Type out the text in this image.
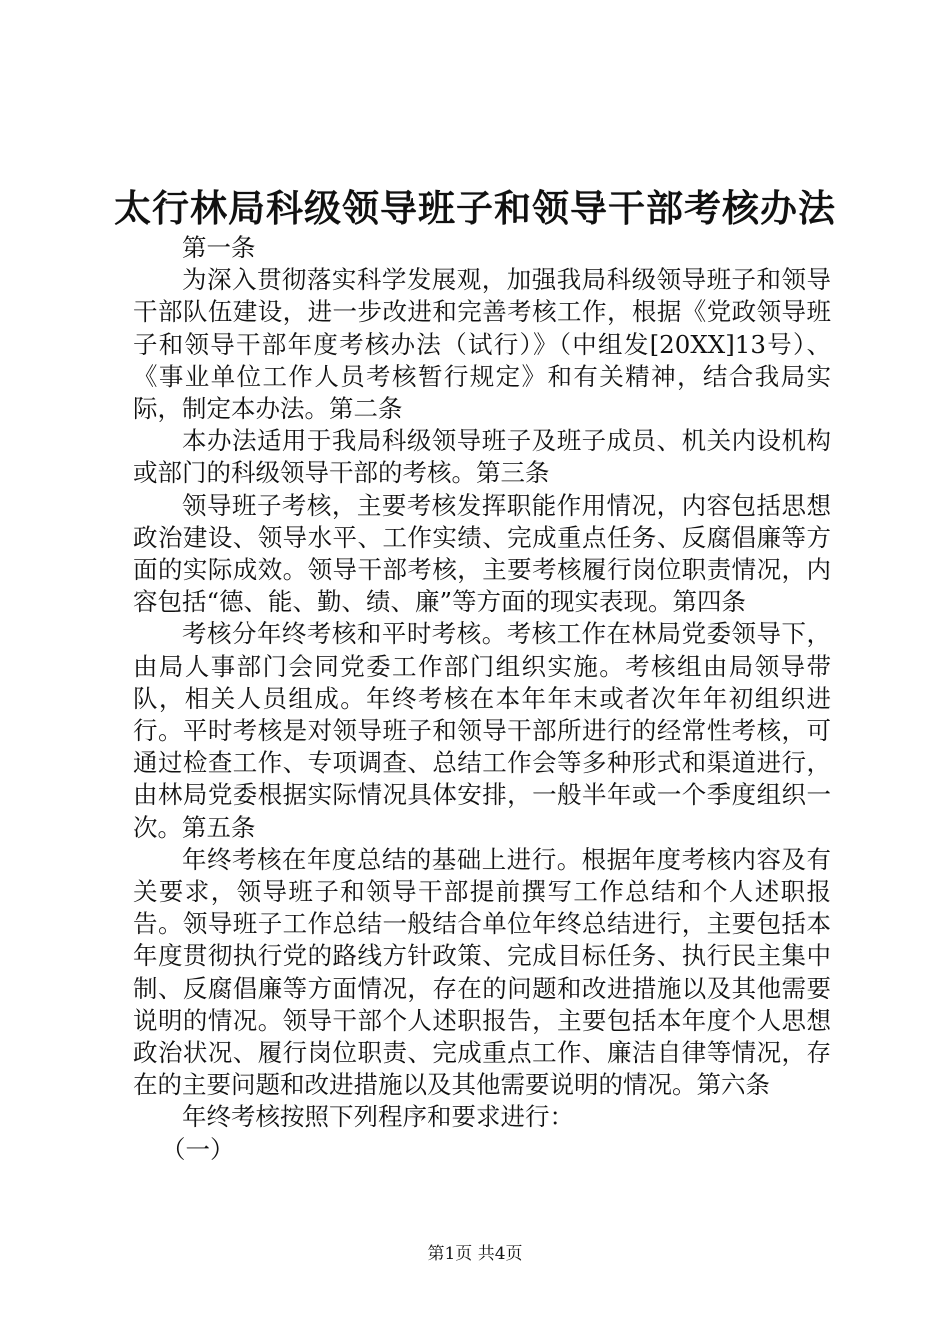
太行林局科级领导班子和领导干部考核办法

第一条

为深入贯彻落实科学发展观，加强我局科级领导班子和领导干部队伍建设，进一步改进和完善考核工作，根据《党政领导班子和领导干部年度考核办法（试行）》（中组发[20XX]13号）、《事业单位工作人员考核暂行规定》和有关精神，结合我局实际，制定本办法。第二条

本办法适用于我局科级领导班子及班子成员、机关内设机构或部门的科级领导干部的考核。第三条

领导班子考核，主要考核发挥职能作用情况，内容包括思想政治建设、领导水平、工作实绩、完成重点任务、反腐倡廉等方面的实际成效。领导干部考核，主要考核履行岗位职责情况，内容包括“德、能、勤、绩、廉”等方面的现实表现。第四条

考核分年终考核和平时考核。考核工作在林局党委领导下，由局人事部门会同党委工作部门组织实施。考核组由局领导带队，相关人员组成。年终考核在本年年末或者次年年初组织进行。平时考核是对领导班子和领导干部所进行的经常性考核，可通过检查工作、专项调查、总结工作会等多种形式和渠道进行，由林局党委根据实际情况具体安排，一般半年或一个季度组织一次。第五条

年终考核在年度总结的基础上进行。根据年度考核内容及有关要求，领导班子和领导干部提前撰写工作总结和个人述职报告。领导班子工作总结一般结合单位年终总结进行，主要包括本年度贯彻执行党的路线方针政策、完成目标任务、执行民主集中制、反腐倡廉等方面情况，存在的问题和改进措施以及其他需要说明的情况。领导干部个人述职报告，主要包括本年度个人思想政治状况、履行岗位职责、完成重点工作、廉洁自律等情况，存在的主要问题和改进措施以及其他需要说明的情况。第六条

年终考核按照下列程序和要求进行：

（一）

第1页 共4页
